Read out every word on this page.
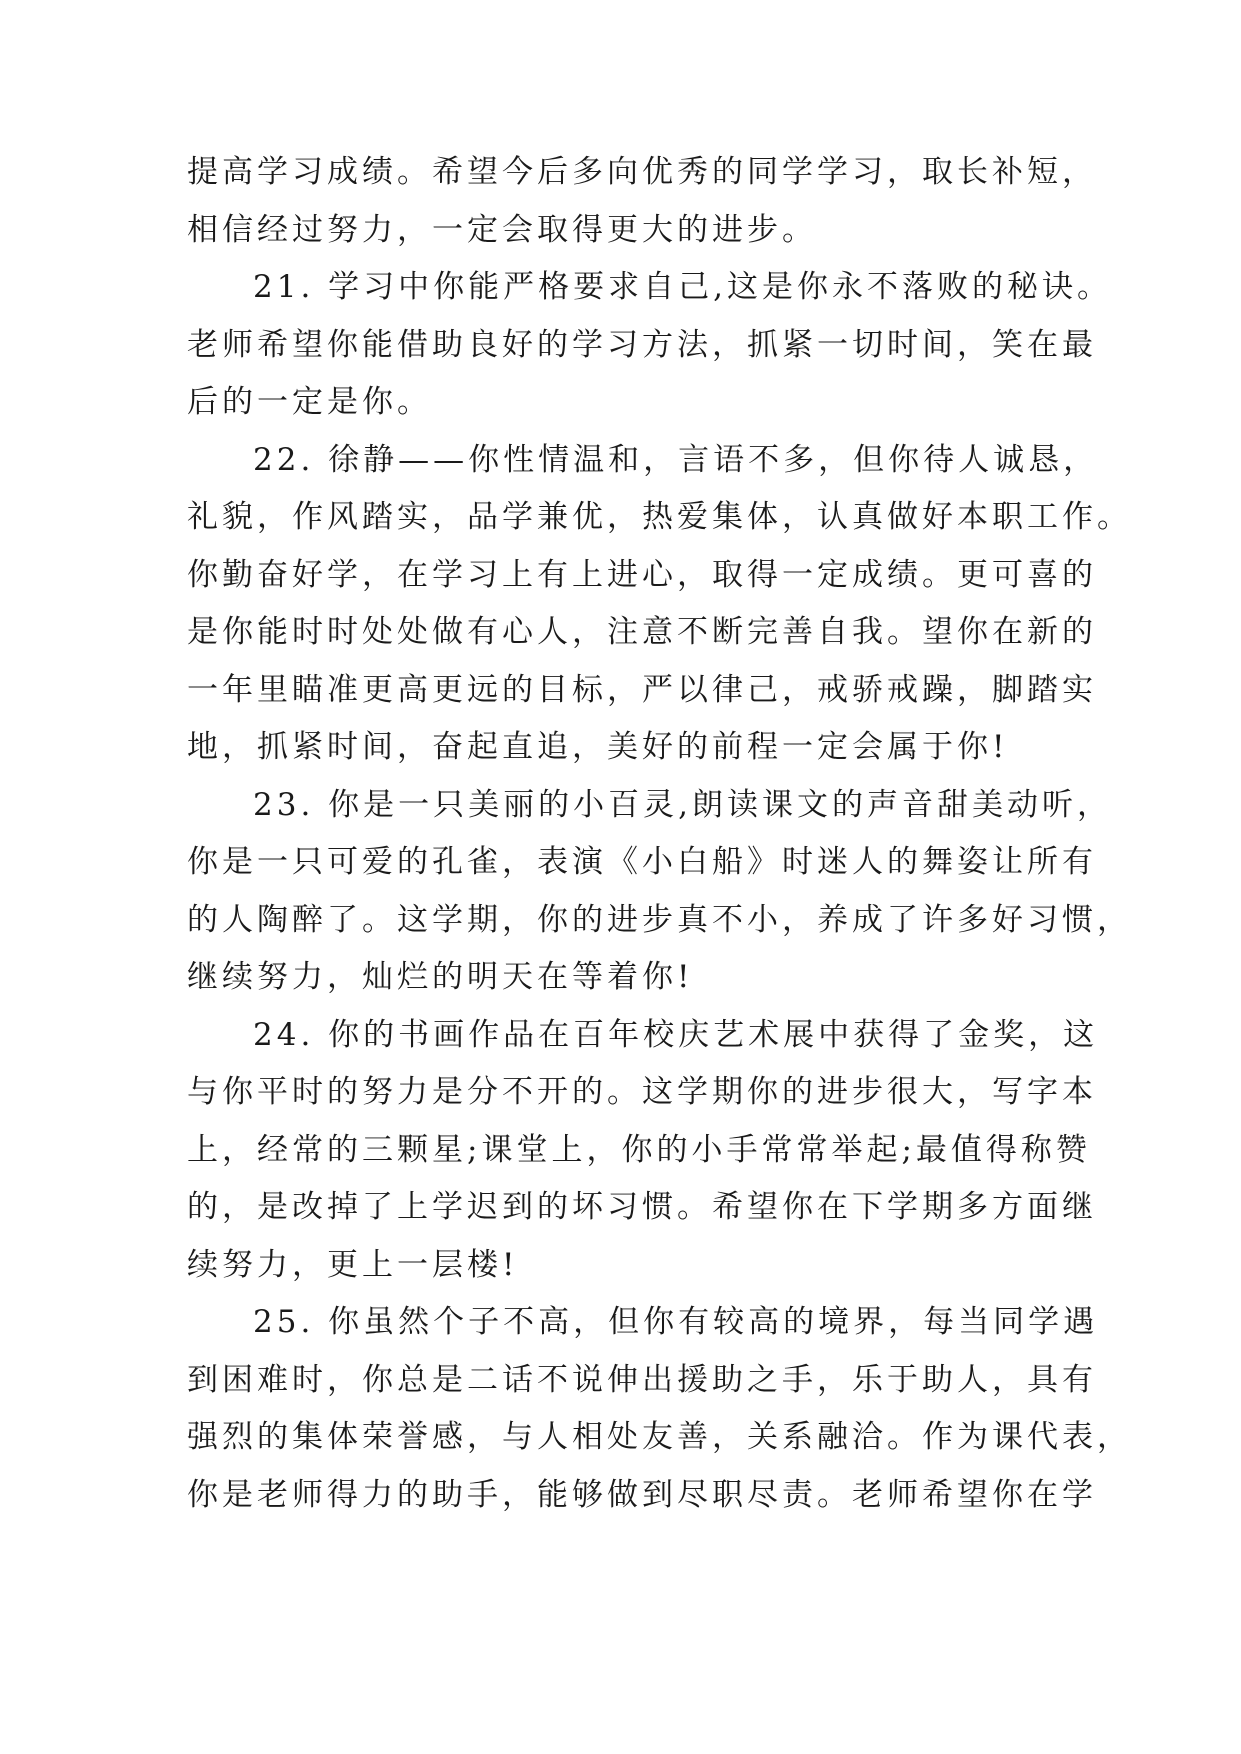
提高学习成绩。希望今后多向优秀的同学学习，取长补短，
相信经过努力，一定会取得更大的进步。
21. 学习中你能严格要求自己,这是你永不落败的秘诀。
老师希望你能借助良好的学习方法，抓紧一切时间，笑在最
后的一定是你。
22. 徐静——你性情温和，言语不多，但你待人诚恳，
礼貌，作风踏实，品学兼优，热爱集体，认真做好本职工作。
你勤奋好学，在学习上有上进心，取得一定成绩。更可喜的
是你能时时处处做有心人，注意不断完善自我。望你在新的
一年里瞄准更高更远的目标，严以律己，戒骄戒躁，脚踏实
地，抓紧时间，奋起直追，美好的前程一定会属于你!
23. 你是一只美丽的小百灵,朗读课文的声音甜美动听，
你是一只可爱的孔雀，表演《小白船》时迷人的舞姿让所有
的人陶醉了。这学期，你的进步真不小，养成了许多好习惯，
继续努力，灿烂的明天在等着你!
24. 你的书画作品在百年校庆艺术展中获得了金奖，这
与你平时的努力是分不开的。这学期你的进步很大，写字本
上，经常的三颗星;课堂上，你的小手常常举起;最值得称赞
的，是改掉了上学迟到的坏习惯。希望你在下学期多方面继
续努力，更上一层楼!
25. 你虽然个子不高，但你有较高的境界，每当同学遇
到困难时，你总是二话不说伸出援助之手，乐于助人，具有
强烈的集体荣誉感，与人相处友善，关系融洽。作为课代表，
你是老师得力的助手，能够做到尽职尽责。老师希望你在学
